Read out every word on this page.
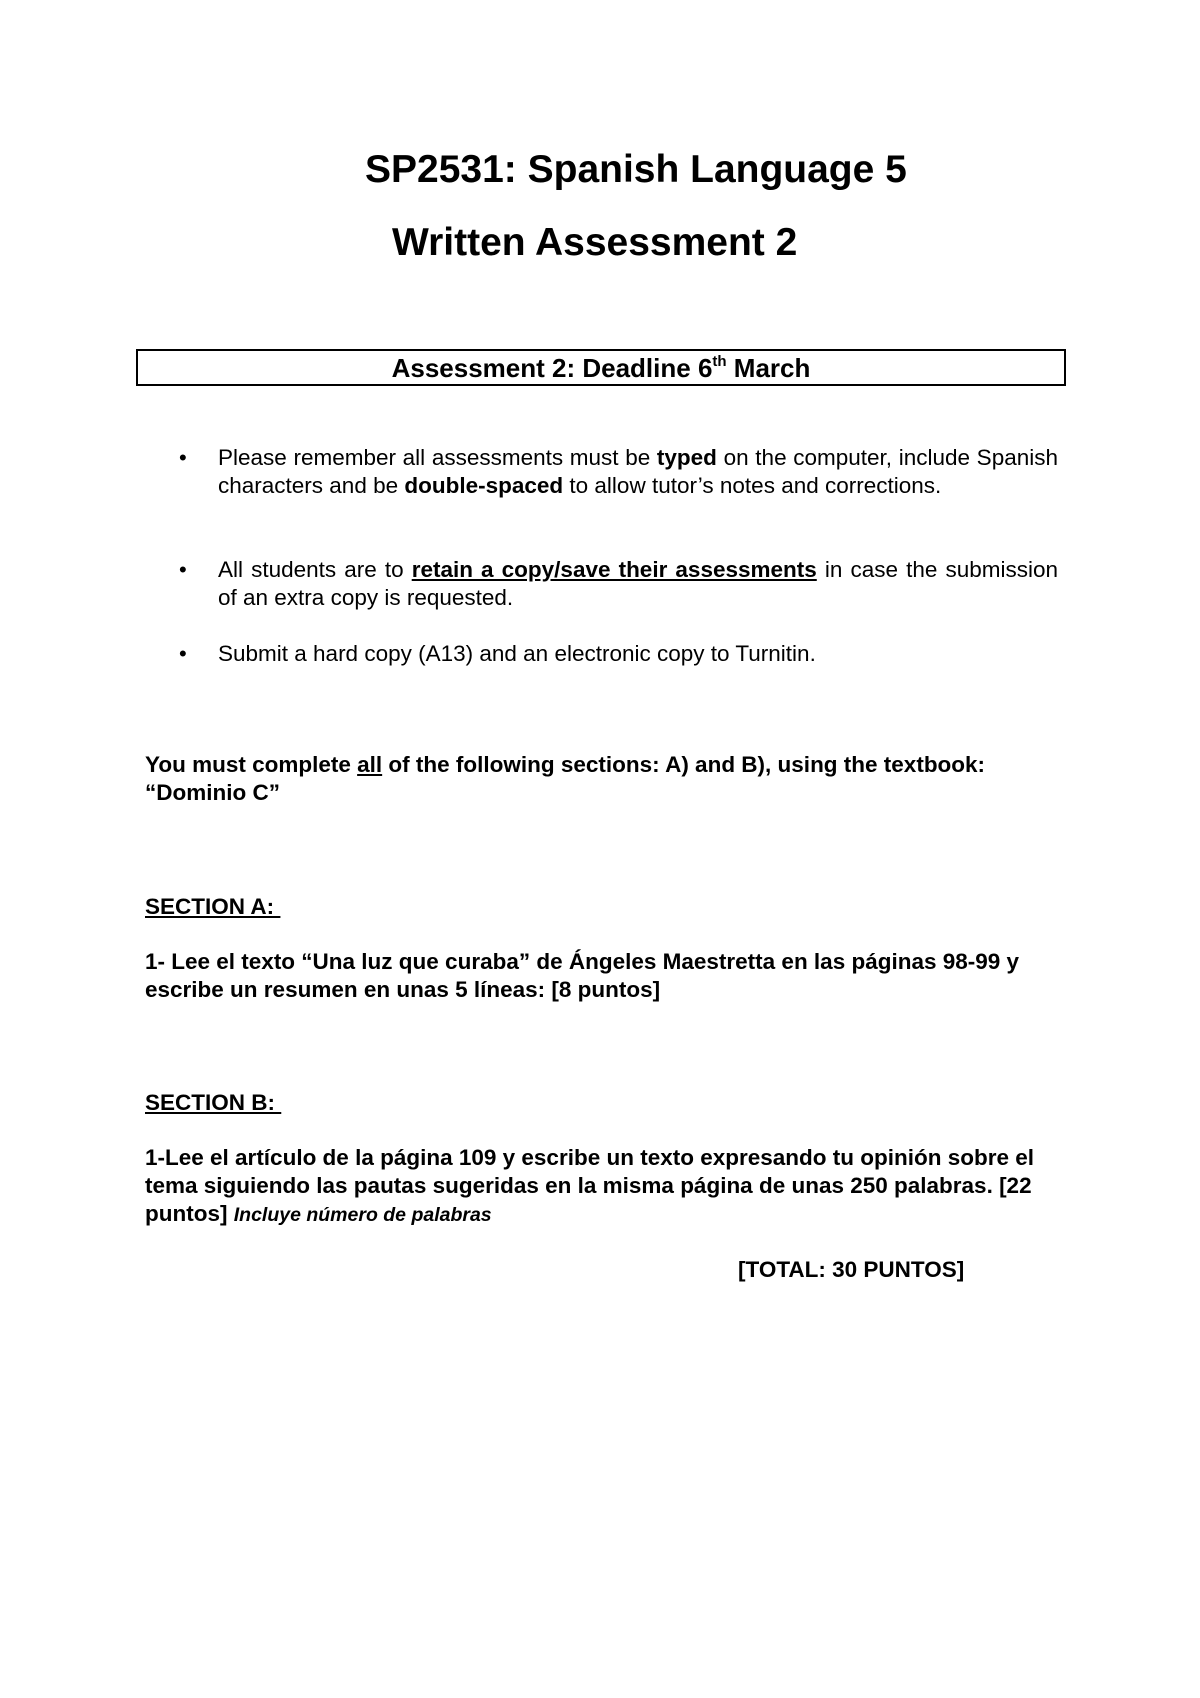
SP2531: Spanish Language 5
Written Assessment 2
Assessment 2: Deadline 6th March
• Please remember all assessments must be typed on the computer, include Spanish characters and be double-spaced to allow tutor’s notes and corrections.
• All students are to retain a copy/save their assessments in case the submission of an extra copy is requested.
• Submit a hard copy (A13) and an electronic copy to Turnitin.
You must complete all of the following sections: A) and B), using the textbook: “Dominio C”
SECTION A:
1- Lee el texto “Una luz que curaba” de Ángeles Maestretta en las páginas 98-99 y escribe un resumen en unas 5 líneas: [8 puntos]
SECTION B:
1-Lee el artículo de la página 109 y escribe un texto expresando tu opinión sobre el tema siguiendo las pautas sugeridas en la misma página de unas 250 palabras. [22 puntos] Incluye número de palabras
[TOTAL: 30 PUNTOS]
